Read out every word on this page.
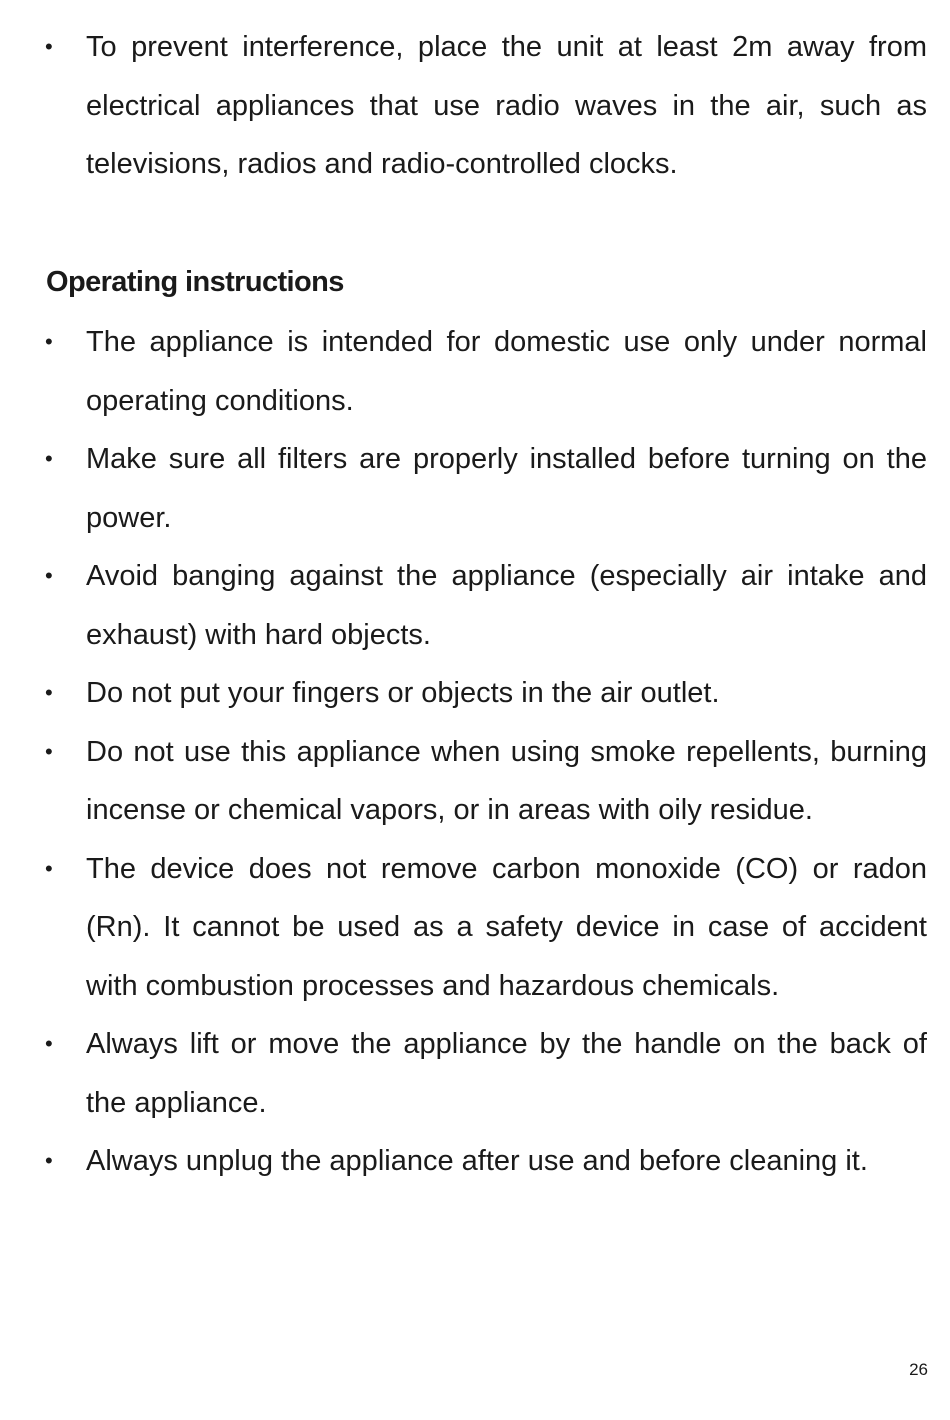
• To prevent interference, place the unit at least 2m away from electrical appliances that use radio waves in the air, such as televisions, radios and radio-controlled clocks.
Operating instructions
• The appliance is intended for domestic use only under normal operating conditions.
• Make sure all filters are properly installed before turning on the power.
• Avoid banging against the appliance (especially air intake and exhaust) with hard objects.
• Do not put your fingers or objects in the air outlet.
• Do not use this appliance when using smoke repellents, burning incense or chemical vapors, or in areas with oily residue.
• The device does not remove carbon monoxide (CO) or radon (Rn). It cannot be used as a safety device in case of accident with combustion processes and hazardous chemicals.
• Always lift or move the appliance by the handle on the back of the appliance.
• Always unplug the appliance after use and before cleaning it.
26
